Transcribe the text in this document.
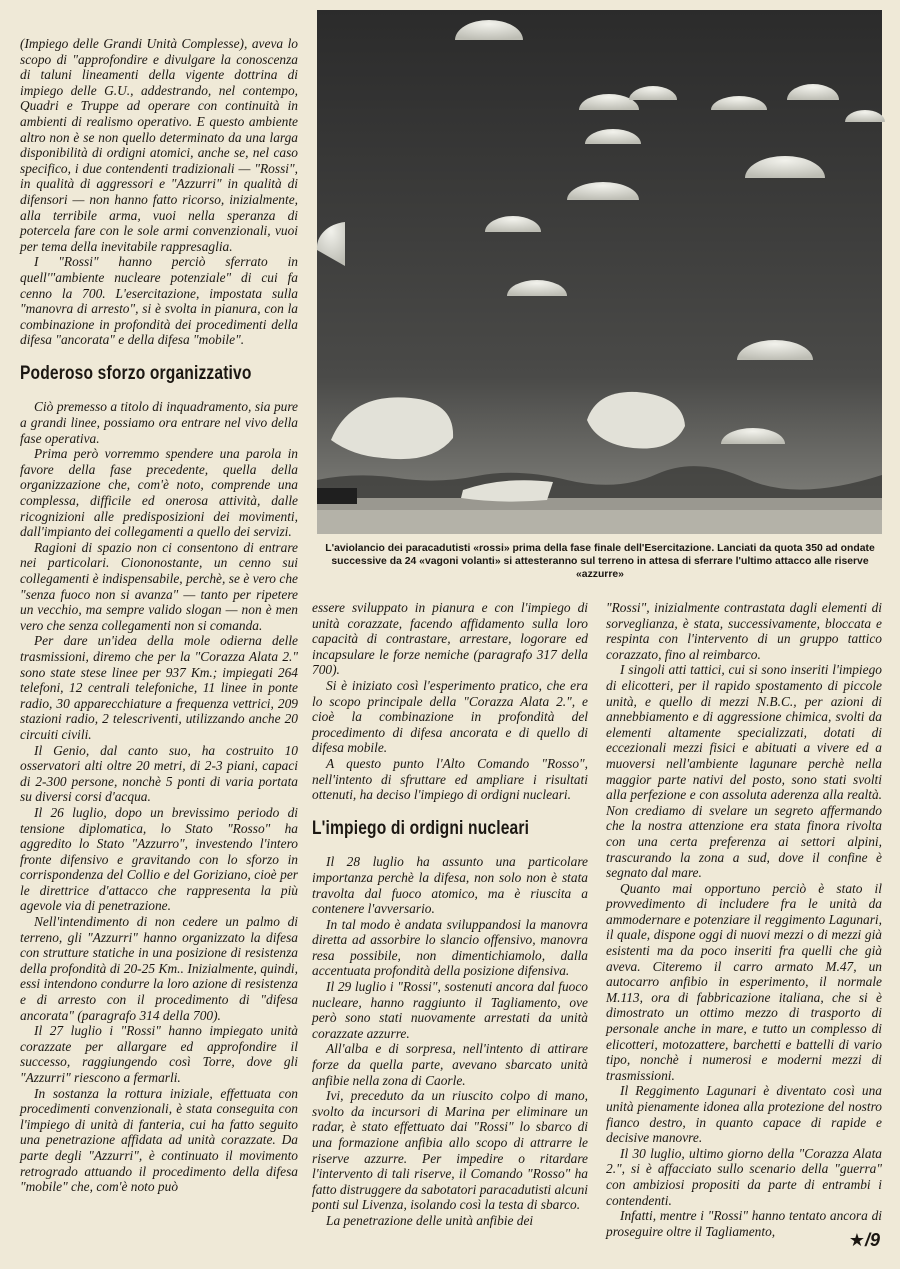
(Impiego delle Grandi Unità Complesse), aveva lo scopo di "approfondire e divulgare la conoscenza di taluni lineamenti della vigente dottrina di impiego delle G.U., addestrando, nel contempo, Quadri e Truppe ad operare con continuità in ambienti di realismo operativo. E questo ambiente altro non è se non quello determinato da una larga disponibilità di ordigni atomici, anche se, nel caso specifico, i due contendenti tradizionali — "Rossi", in qualità di aggressori e "Azzurri" in qualità di difensori — non hanno fatto ricorso, inizialmente, alla terribile arma, vuoi nella speranza di potercela fare con le sole armi convenzionali, vuoi per tema della inevitabile rappresaglia.

I "Rossi" hanno perciò sferrato in quell'"ambiente nucleare potenziale" di cui fa cenno la 700. L'esercitazione, impostata sulla "manovra di arresto", si è svolta in pianura, con la combinazione in profondità dei procedimenti della difesa "ancorata" e della difesa "mobile".

Poderoso sforzo organizzativo

Ciò premesso a titolo di inquadramento, sia pure a grandi linee, possiamo ora entrare nel vivo della fase operativa.

Prima però vorremmo spendere una parola in favore della fase precedente, quella della organizzazione che, com'è noto, comprende una complessa, difficile ed onerosa attività, dalle ricognizioni alle predisposizioni dei movimenti, dall'impianto dei collegamenti a quello dei servizi.

Ragioni di spazio non ci consentono di entrare nei particolari. Ciononostante, un cenno sui collegamenti è indispensabile, perchè, se è vero che "senza fuoco non si avanza" — tanto per ripetere un vecchio, ma sempre valido slogan — non è men vero che senza collegamenti non si comanda.

Per dare un'idea della mole odierna delle trasmissioni, diremo che per la "Corazza Alata 2." sono state stese linee per 937 Km.; impiegati 264 telefoni, 12 centrali telefoniche, 11 linee in ponte radio, 30 apparecchiature a frequenza vettrici, 209 stazioni radio, 2 telescriventi, utilizzando anche 20 circuiti civili.

Il Genio, dal canto suo, ha costruito 10 osservatori alti oltre 20 metri, di 2-3 piani, capaci di 2-300 persone, nonchè 5 ponti di varia portata su diversi corsi d'acqua.

Il 26 luglio, dopo un brevissimo periodo di tensione diplomatica, lo Stato "Rosso" ha aggredito lo Stato "Azzurro", investendo l'intero fronte difensivo e gravitando con lo sforzo in corrispondenza del Collio e del Goriziano, cioè per le direttrice d'attacco che rappresenta la più agevole via di penetrazione.

Nell'intendimento di non cedere un palmo di terreno, gli "Azzurri" hanno organizzato la difesa con strutture statiche in una posizione di resistenza della profondità di 20-25 Km.. Inizialmente, quindi, essi intendono condurre la loro azione di resistenza e di arresto con il procedimento di "difesa ancorata" (paragrafo 314 della 700).

Il 27 luglio i "Rossi" hanno impiegato unità corazzate per allargare ed approfondire il successo, raggiungendo così Torre, dove gli "Azzurri" riescono a fermarli.

In sostanza la rottura iniziale, effettuata con procedimenti convenzionali, è stata conseguita con l'impiego di unità di fanteria, cui ha fatto seguito una penetrazione affidata ad unità corazzate. Da parte degli "Azzurri", è continuato il movimento retrogrado attuando il procedimento della difesa "mobile" che, com'è noto può

L'aviolancio dei paracadutisti «rossi» prima della fase finale dell'Esercitazione. Lanciati da quota 350 ad ondate successive da 24 «vagoni volanti» si attesteranno sul terreno in attesa di sferrare l'ultimo attacco alle riserve «azzurre»

essere sviluppato in pianura e con l'impiego di unità corazzate, facendo affidamento sulla loro capacità di contrastare, arrestare, logorare ed incapsulare le forze nemiche (paragrafo 317 della 700).

Si è iniziato così l'esperimento pratico, che era lo scopo principale della "Corazza Alata 2.", e cioè la combinazione in profondità del procedimento di difesa ancorata e di quello di difesa mobile.

A questo punto l'Alto Comando "Rosso", nell'intento di sfruttare ed ampliare i risultati ottenuti, ha deciso l'impiego di ordigni nucleari.

L'impiego di ordigni nucleari

Il 28 luglio ha assunto una particolare importanza perchè la difesa, non solo non è stata travolta dal fuoco atomico, ma è riuscita a contenere l'avversario.

In tal modo è andata sviluppandosi la manovra diretta ad assorbire lo slancio offensivo, manovra resa possibile, non dimentichiamolo, dalla accentuata profondità della posizione difensiva.

Il 29 luglio i "Rossi", sostenuti ancora dal fuoco nucleare, hanno raggiunto il Tagliamento, ove però sono stati nuovamente arrestati da unità corazzate azzurre.

All'alba e di sorpresa, nell'intento di attirare forze da quella parte, avevano sbarcato unità anfibie nella zona di Caorle.

Ivi, preceduto da un riuscito colpo di mano, svolto da incursori di Marina per eliminare un radar, è stato effettuato dai "Rossi" lo sbarco di una formazione anfibia allo scopo di attrarre le riserve azzurre. Per impedire o ritardare l'intervento di tali riserve, il Comando "Rosso" ha fatto distruggere da sabotatori paracadutisti alcuni ponti sul Livenza, isolando così la testa di sbarco.

La penetrazione delle unità anfibie dei

"Rossi", inizialmente contrastata dagli elementi di sorveglianza, è stata, successivamente, bloccata e respinta con l'intervento di un gruppo tattico corazzato, fino al reimbarco.

I singoli atti tattici, cui si sono inseriti l'impiego di elicotteri, per il rapido spostamento di piccole unità, e quello di mezzi N.B.C., per azioni di annebbiamento e di aggressione chimica, svolti da elementi altamente specializzati, dotati di eccezionali mezzi fisici e abituati a vivere ed a muoversi nell'ambiente lagunare perchè nella maggior parte nativi del posto, sono stati svolti alla perfezione e con assoluta aderenza alla realtà. Non crediamo di svelare un segreto affermando che la nostra attenzione era stata finora rivolta con una certa preferenza ai settori alpini, trascurando la zona a sud, dove il confine è segnato dal mare.

Quanto mai opportuno perciò è stato il provvedimento di includere fra le unità da ammodernare e potenziare il reggimento Lagunari, il quale, dispone oggi di nuovi mezzi o di mezzi già esistenti ma da poco inseriti fra quelli che già aveva. Citeremo il carro armato M.47, un autocarro anfibio in esperimento, il normale M.113, ora di fabbricazione italiana, che si è dimostrato un ottimo mezzo di trasporto di personale anche in mare, e tutto un complesso di elicotteri, motozattere, barchetti e battelli di vario tipo, nonchè i numerosi e moderni mezzi di trasmissioni.

Il Reggimento Lagunari è diventato così una unità pienamente idonea alla protezione del nostro fianco destro, in quanto capace di rapide e decisive manovre.

Il 30 luglio, ultimo giorno della "Corazza Alata 2.", si è affacciato sullo scenario della "guerra" con ambiziosi propositi da parte di entrambi i contendenti.

Infatti, mentre i "Rossi" hanno tentato ancora di proseguire oltre il Tagliamento,	★/9
